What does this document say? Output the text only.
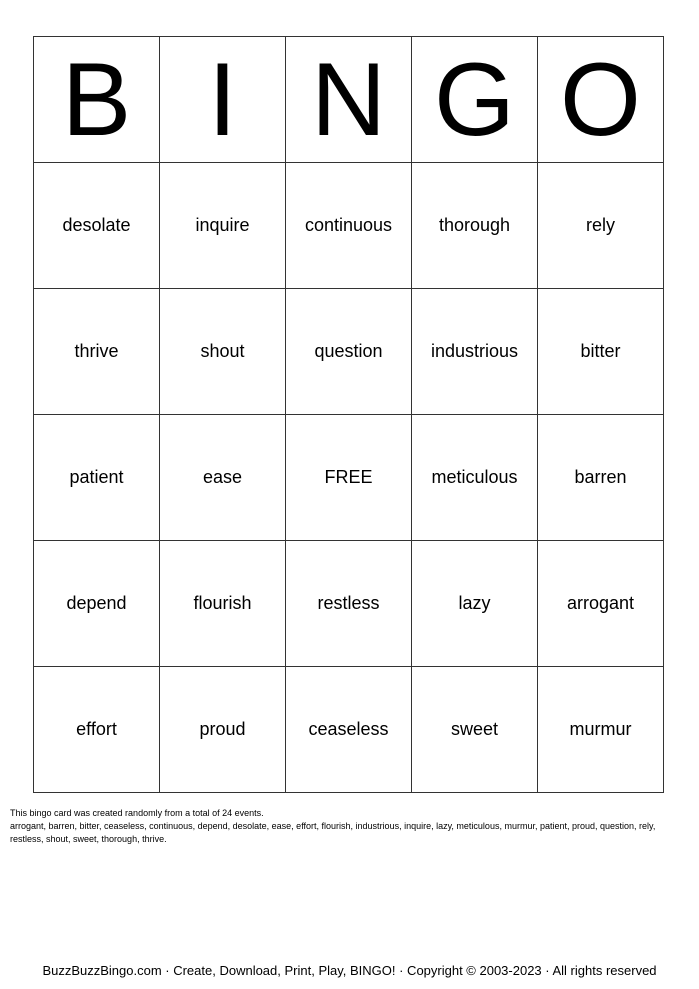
B	I	N	G	O
desolate	inquire	continuous	thorough	rely
thrive	shout	question	industrious	bitter
patient	ease	FREE	meticulous	barren
depend	flourish	restless	lazy	arrogant
effort	proud	ceaseless	sweet	murmur

This bingo card was created randomly from a total of 24 events.

arrogant, barren, bitter, ceaseless, continuous, depend, desolate, ease, effort, flourish, industrious, inquire, lazy, meticulous, murmur, patient, proud, question, rely, restless, shout, sweet, thorough, thrive.

BuzzBuzzBingo.com · Create, Download, Print, Play, BINGO! · Copyright © 2003-2023 · All rights reserved
